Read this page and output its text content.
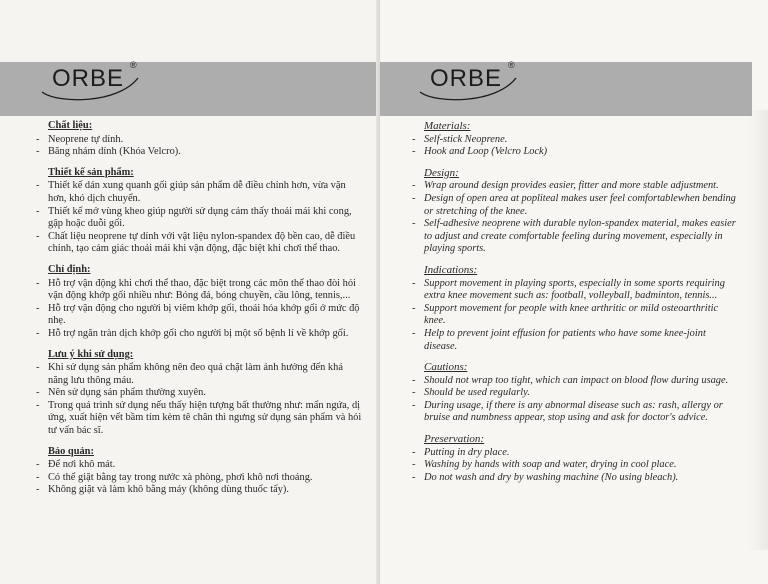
ORBE ®
Chất liệu:
- Neoprene tự dính.
- Băng nhám dính (Khóa Velcro).
Thiết kế sản phẩm:
- Thiết kế dán xung quanh gối giúp sản phẩm dễ điều chỉnh hơn, vừa vặn hơn, khó dịch chuyển.
- Thiết kế mở vùng kheo giúp người sử dụng cảm thấy thoải mái khi cong, gập hoặc duỗi gối.
- Chất liệu neoprene tự dính với vật liệu nylon-spandex độ bền cao, dễ điều chỉnh, tạo cảm giác thoải mái khi vận động, đặc biệt khi chơi thể thao.
Chỉ định:
- Hỗ trợ vận động khi chơi thể thao, đặc biệt trong các môn thể thao đòi hỏi vận động khớp gối nhiều như: Bóng đá, bóng chuyền, cầu lông, tennis,...
- Hỗ trợ vận động cho người bị viêm khớp gối, thoái hóa khớp gối ở mức độ nhẹ.
- Hỗ trợ ngăn tràn dịch khớp gối cho người bị một số bệnh lí về khớp gối.
Lưu ý khi sử dụng:
- Khi sử dụng sản phẩm không nên đeo quá chặt làm ảnh hưởng đến khả năng lưu thông máu.
- Nên sử dụng sản phẩm thường xuyên.
- Trong quá trình sử dụng nếu thấy hiện tượng bất thường như: mẩn ngứa, dị ứng, xuất hiện vết bầm tím kèm tê chân thì ngưng sử dụng sản phẩm và hỏi tư vấn bác sĩ.
Bảo quản:
- Để nơi khô mát.
- Có thể giặt bằng tay trong nước xà phòng, phơi khô nơi thoáng.
- Không giặt và làm khô bằng máy (không dùng thuốc tẩy).
ORBE ®
Materials:
- Self-stick Neoprene.
- Hook and Loop (Velcro Lock)
Design:
- Wrap around design provides easier, fitter and more stable adjustment.
- Design of open area at popliteal makes user feel comfortablewhen bending or stretching of the knee.
- Self-adhesive neoprene with durable nylon-spandex material, makes easier to adjust and create comfortable feeling during movement, especially in playing sports.
Indications:
- Support movement in playing sports, especially in some sports requiring extra knee movement such as: football, volleyball, badminton, tennis...
- Support movement for people with knee arthritic or mild osteoarthritic knee.
- Help to prevent joint effusion for patients who have some knee-joint disease.
Cautions:
- Should not wrap too tight, which can impact on blood flow during usage.
- Should be used regularly.
- During usage, if there is any abnormal disease such as: rash, allergy or bruise and numbness appear, stop using and ask for doctor's advice.
Preservation:
- Putting in dry place.
- Washing by hands with soap and water, drying in cool place.
- Do not wash and dry by washing machine (No using bleach).
